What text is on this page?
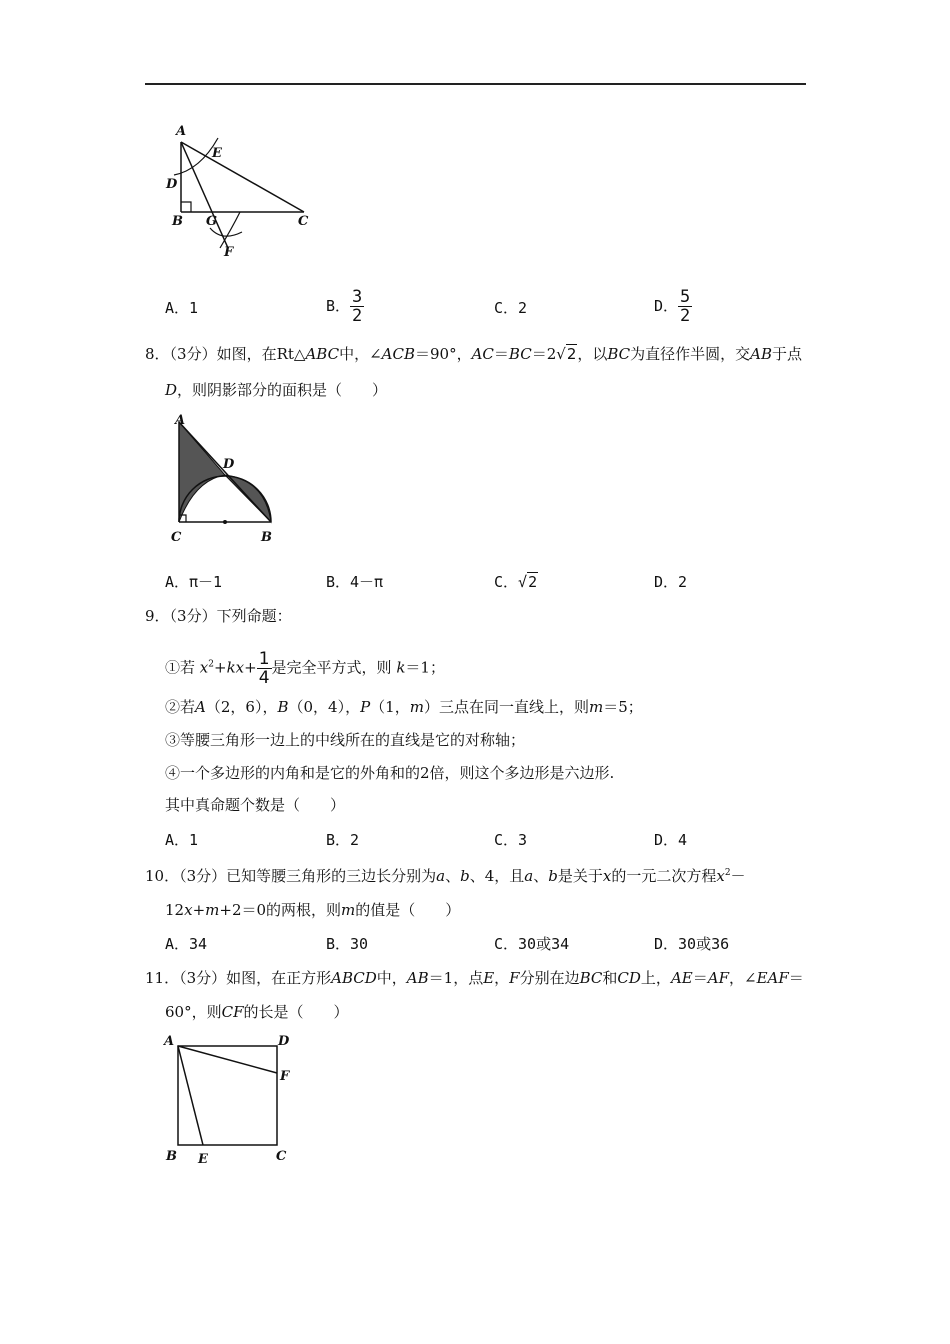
A
E
D
B G	C
F
A．1	B． $\frac{3}{2}$	C．2	D． $\frac{5}{2}$
8．（3分）如图，在Rt△ABC中，∠ACB＝90°，AC＝BC＝2√2，以BC为直径作半圆，交AB于点
D，则阴影部分的面积是（　　）
A
D
C	B
A．π－1	B．4－π	C．√2	D．2
9．（3分）下列命题：
①若 $x^2+kx+ \frac{1}{4}$ 是完全平方式，则 k＝1；
②若A（2，6），B（0，4），P（1，m）三点在同一直线上，则m＝5；
③等腰三角形一边上的中线所在的直线是它的对称轴；
④一个多边形的内角和是它的外角和的2倍，则这个多边形是六边形.
其中真命题个数是（　　）
A．1	B．2	C．3	D．4
10．（3分）已知等腰三角形的三边长分别为a、b、4，且a、b是关于x的一元二次方程$x^2-$
12x+m+2＝0的两根，则m的值是（　　）
A．34	B．30	C．30或34	D．30或36
11．（3分）如图，在正方形ABCD中，AB＝1，点E，F分别在边BC和CD上，AE＝AF，∠EAF＝
60°，则CF的长是（　　）
A	D
F
B E	C
